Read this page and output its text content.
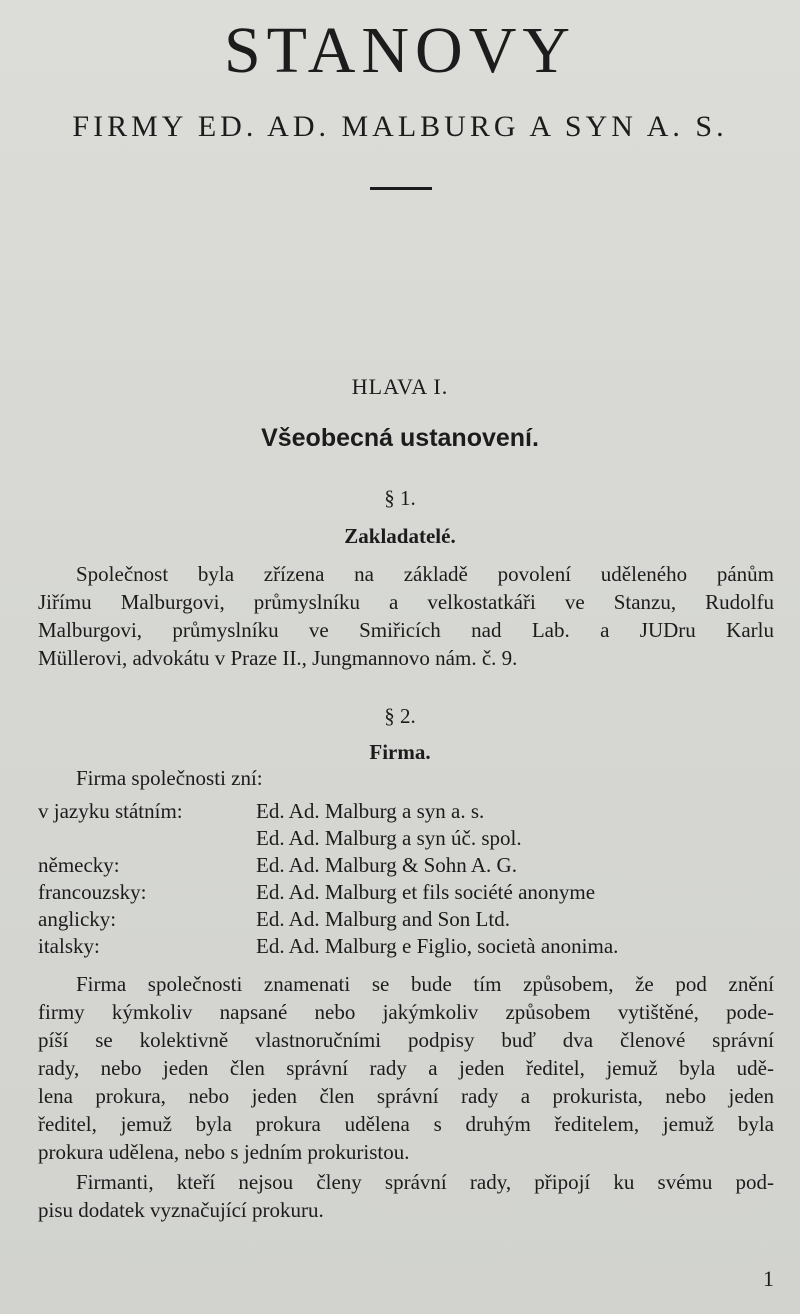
STANOVY
FIRMY ED. AD. MALBURG A SYN A. S.
HLAVA I.
Všeobecná ustanovení.
§ 1.
Zakladatelé.
Společnost byla zřízena na základě povolení uděleného pánům
Jiřímu Malburgovi, průmyslníku a velkostatkáři ve Stanzu, Rudolfu
Malburgovi, průmyslníku ve Smiřicích nad Lab. a JUDru Karlu
Müllerovi, advokátu v Praze II., Jungmannovo nám. č. 9.
§ 2.
Firma.
Firma společnosti zní:
v jazyku státním:	Ed. Ad. Malburg a syn a. s.
Ed. Ad. Malburg a syn úč. spol.
německy:	Ed. Ad. Malburg & Sohn A. G.
francouzsky:	Ed. Ad. Malburg et fils société anonyme
anglicky:	Ed. Ad. Malburg and Son Ltd.
italsky:	Ed. Ad. Malburg e Figlio, società anonima.
Firma společnosti znamenati se bude tím způsobem, že pod znění
firmy kýmkoliv napsané nebo jakýmkoliv způsobem vytištěné, pode-
píší se kolektivně vlastnoručními podpisy buď dva členové správní
rady, nebo jeden člen správní rady a jeden ředitel, jemuž byla udě-
lena prokura, nebo jeden člen správní rady a prokurista, nebo jeden
ředitel, jemuž byla prokura udělena s druhým ředitelem, jemuž byla
prokura udělena, nebo s jedním prokuristou.
Firmanti, kteří nejsou členy správní rady, připojí ku svému pod-
pisu dodatek vyznačující prokuru.
1
